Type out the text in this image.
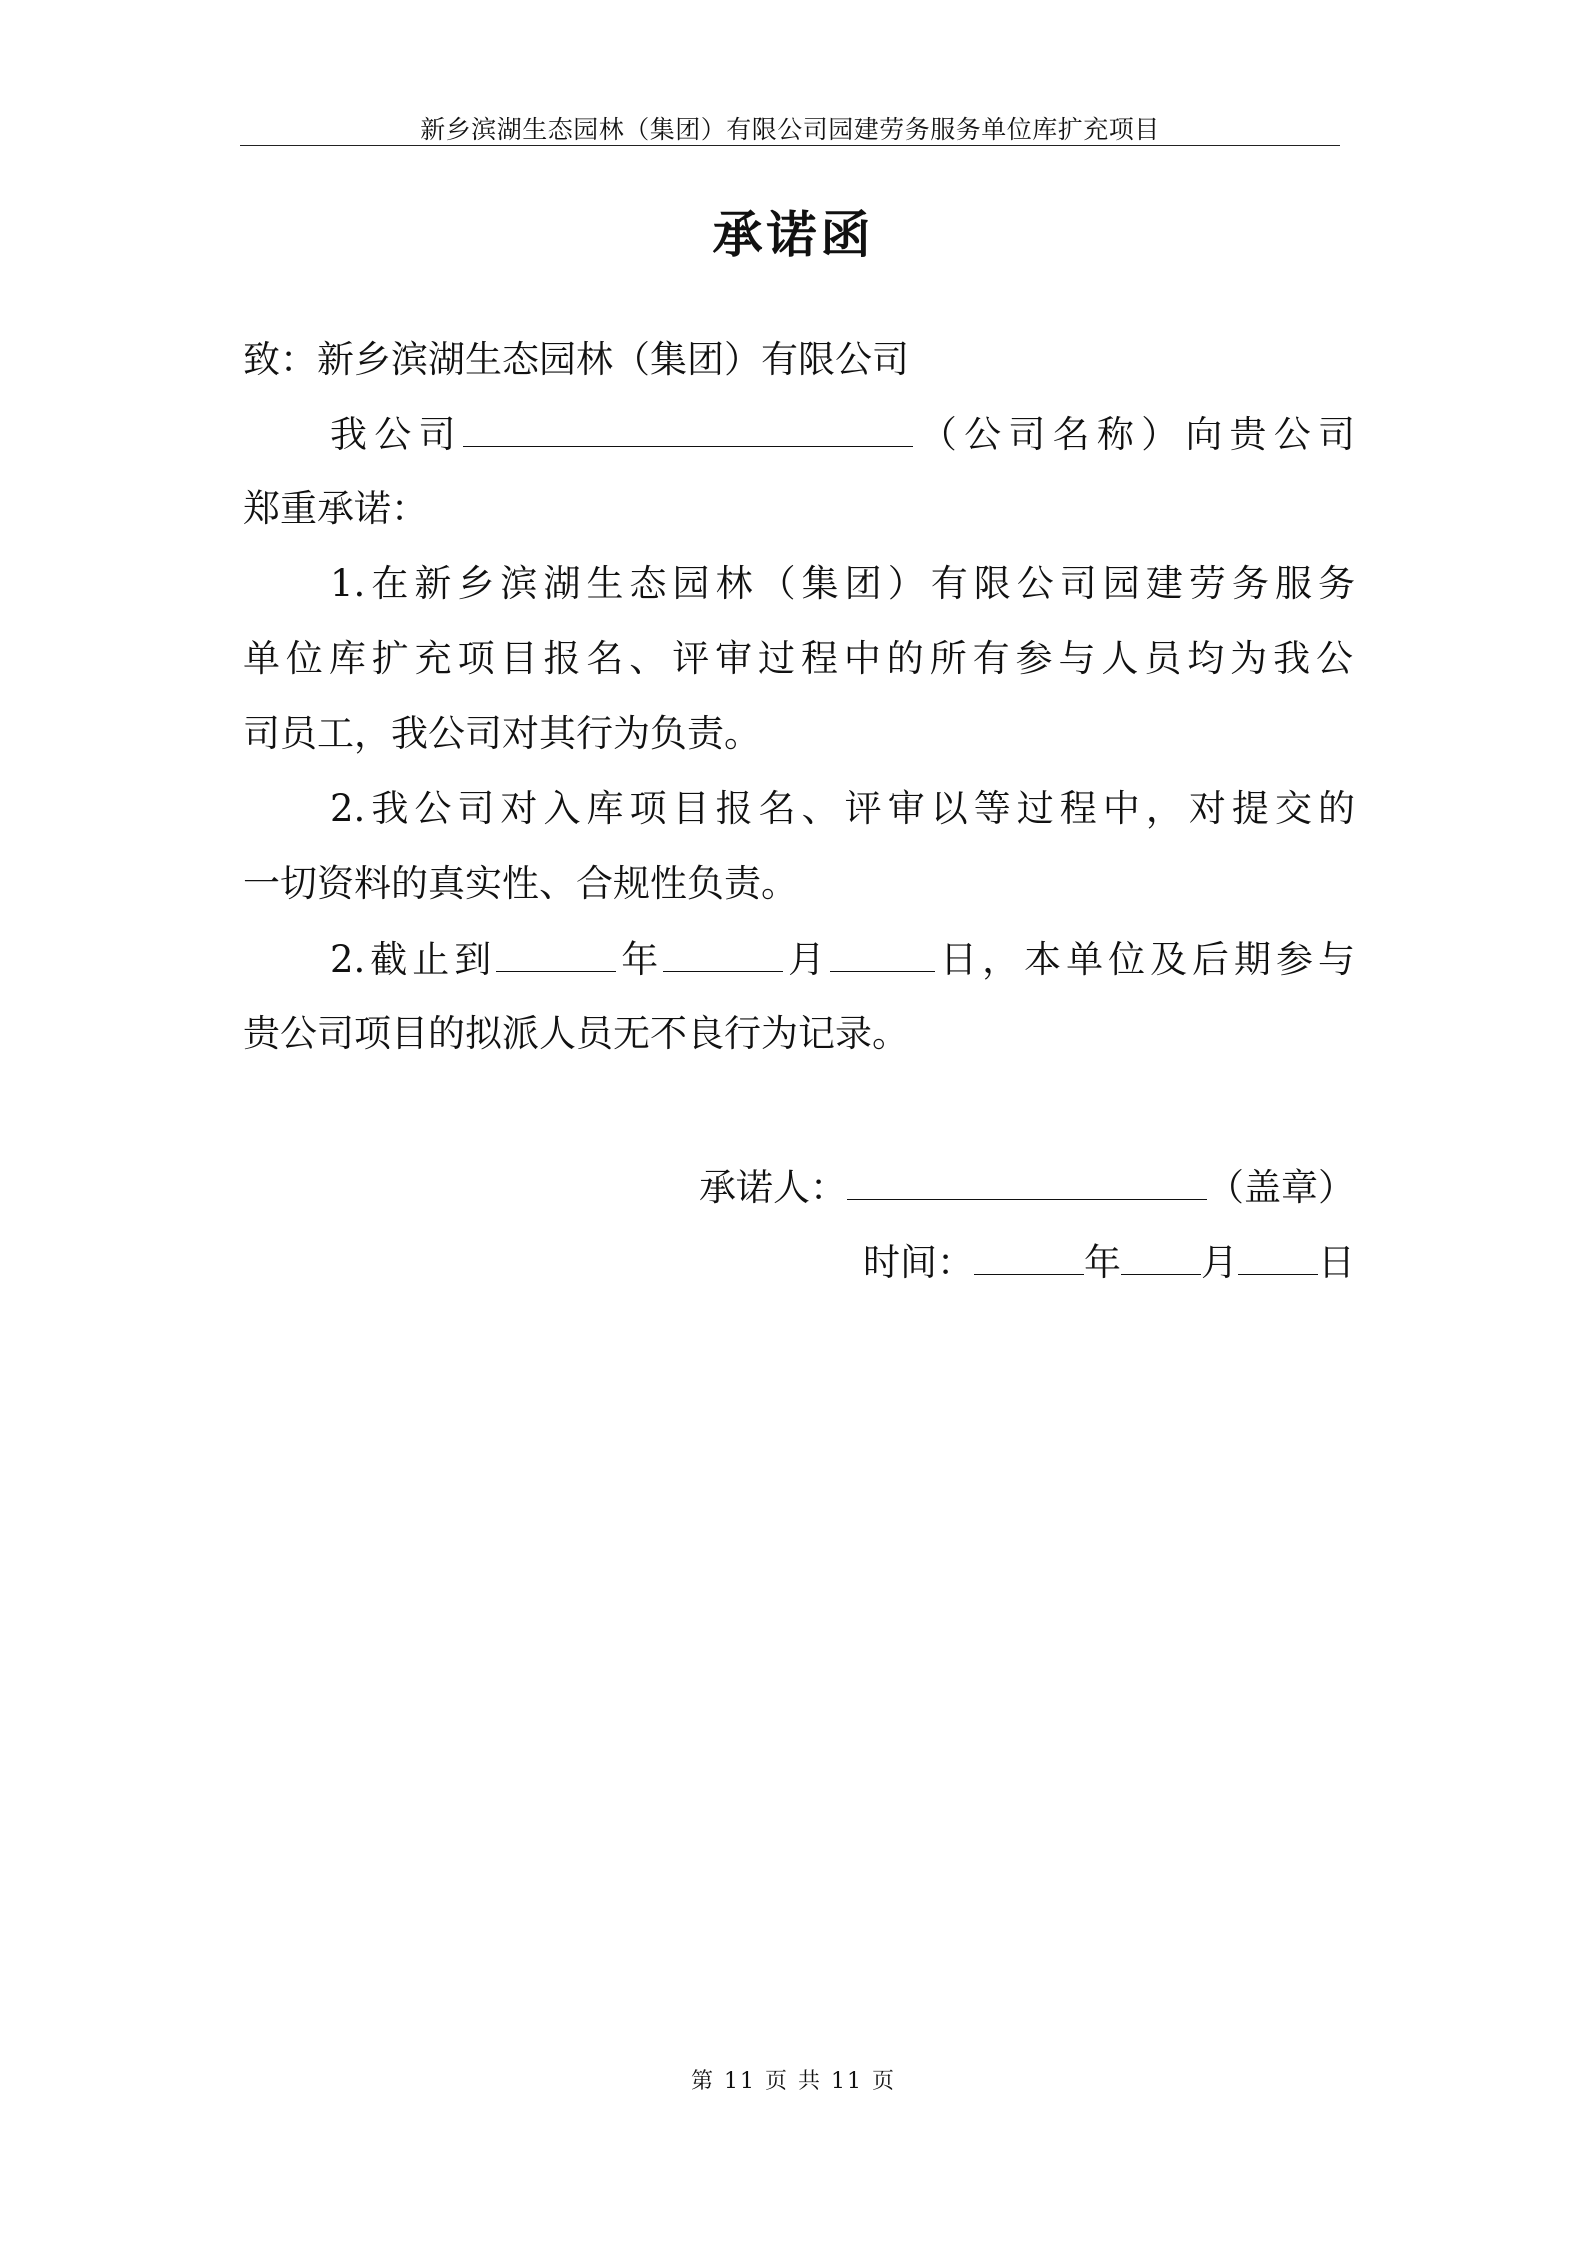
新乡滨湖生态园林（集团）有限公司园建劳务服务单位库扩充项目
承诺函
致：新乡滨湖生态园林（集团）有限公司
我公司	（公司名称）向贵公司
郑重承诺：
1.在新乡滨湖生态园林（集团）有限公司园建劳务服务
单位库扩充项目报名、评审过程中的所有参与人员均为我公
司员工，我公司对其行为负责。
2.我公司对入库项目报名、评审以等过程中，对提交的
一切资料的真实性、合规性负责。
2.截止到	年	月	日，本单位及后期参与
贵公司项目的拟派人员无不良行为记录。
承诺人：	（盖章）
时间：	年 月 日
第 11 页 共 11 页
